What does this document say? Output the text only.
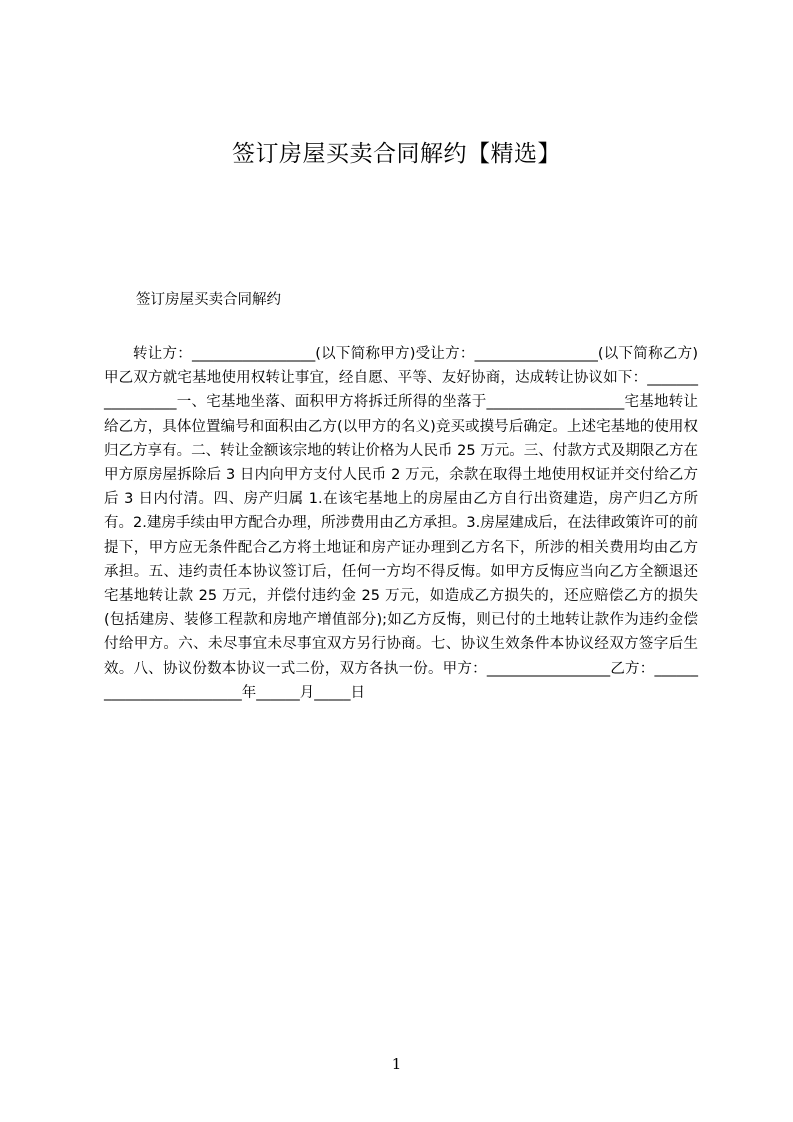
签订房屋买卖合同解约【精选】

签订房屋买卖合同解约

转让方：_________________(以下简称甲方)受让方：_________________(以下简称乙方)甲乙双方就宅基地使用权转让事宜，经自愿、平等、友好协商，达成转让协议如下：_________________一、宅基地坐落、面积甲方将拆迁所得的坐落于___________________宅基地转让给乙方，具体位置编号和面积由乙方(以甲方的名义)竞买或摸号后确定。上述宅基地的使用权归乙方享有。二、转让金额该宗地的转让价格为人民币 25 万元。三、付款方式及期限乙方在甲方原房屋拆除后 3 日内向甲方支付人民币 2 万元，余款在取得土地使用权证并交付给乙方后 3 日内付清。四、房产归属 1.在该宅基地上的房屋由乙方自行出资建造，房产归乙方所有。2.建房手续由甲方配合办理，所涉费用由乙方承担。3.房屋建成后，在法律政策许可的前提下，甲方应无条件配合乙方将土地证和房产证办理到乙方名下，所涉的相关费用均由乙方承担。五、违约责任本协议签订后，任何一方均不得反悔。如甲方反悔应当向乙方全额退还宅基地转让款 25 万元，并偿付违约金 25 万元，如造成乙方损失的，还应赔偿乙方的损失(包括建房、装修工程款和房地产增值部分);如乙方反悔，则已付的土地转让款作为违约金偿付给甲方。六、未尽事宜未尽事宜双方另行协商。七、协议生效条件本协议经双方签字后生效。八、协议份数本协议一式二份，双方各执一份。甲方：_________________乙方：_________________________年______月_____日

1
